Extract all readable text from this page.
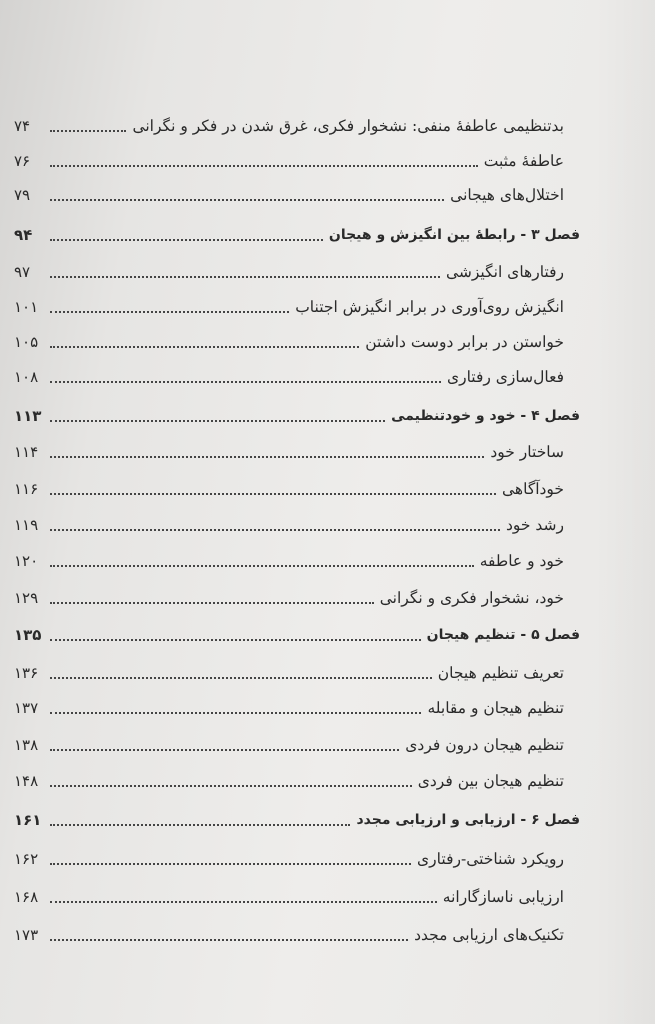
بدتنظیمی عاطفهٔ منفی: نشخوار فکری، غرق شدن در فکر و نگرانی
۷۴
عاطفهٔ مثبت
۷۶
اختلال‌های هیجانی
۷۹
فصل ۳ - رابطهٔ بین انگیزش و هیجان
۹۴
رفتارهای انگیزشی
۹۷
انگیزش روی‌آوری در برابر انگیزش اجتناب
۱۰۱
خواستن در برابر دوست داشتن
۱۰۵
فعال‌سازی رفتاری
۱۰۸
فصل ۴ - خود و خودتنظیمی
۱۱۳
ساختار خود
۱۱۴
خودآگاهی
۱۱۶
رشد خود
۱۱۹
خود و عاطفه
۱۲۰
خود، نشخوار فکری و نگرانی
۱۲۹
فصل ۵ - تنظیم هیجان
۱۳۵
تعریف تنظیم هیجان
۱۳۶
تنظیم هیجان و مقابله
۱۳۷
تنظیم هیجان درون فردی
۱۳۸
تنظیم هیجان بین فردی
۱۴۸
فصل ۶ - ارزیابی و ارزیابی مجدد
۱۶۱
رویکرد شناختی-رفتاری
۱۶۲
ارزیابی ناسازگارانه
۱۶۸
تکنیک‌های ارزیابی مجدد
۱۷۳
